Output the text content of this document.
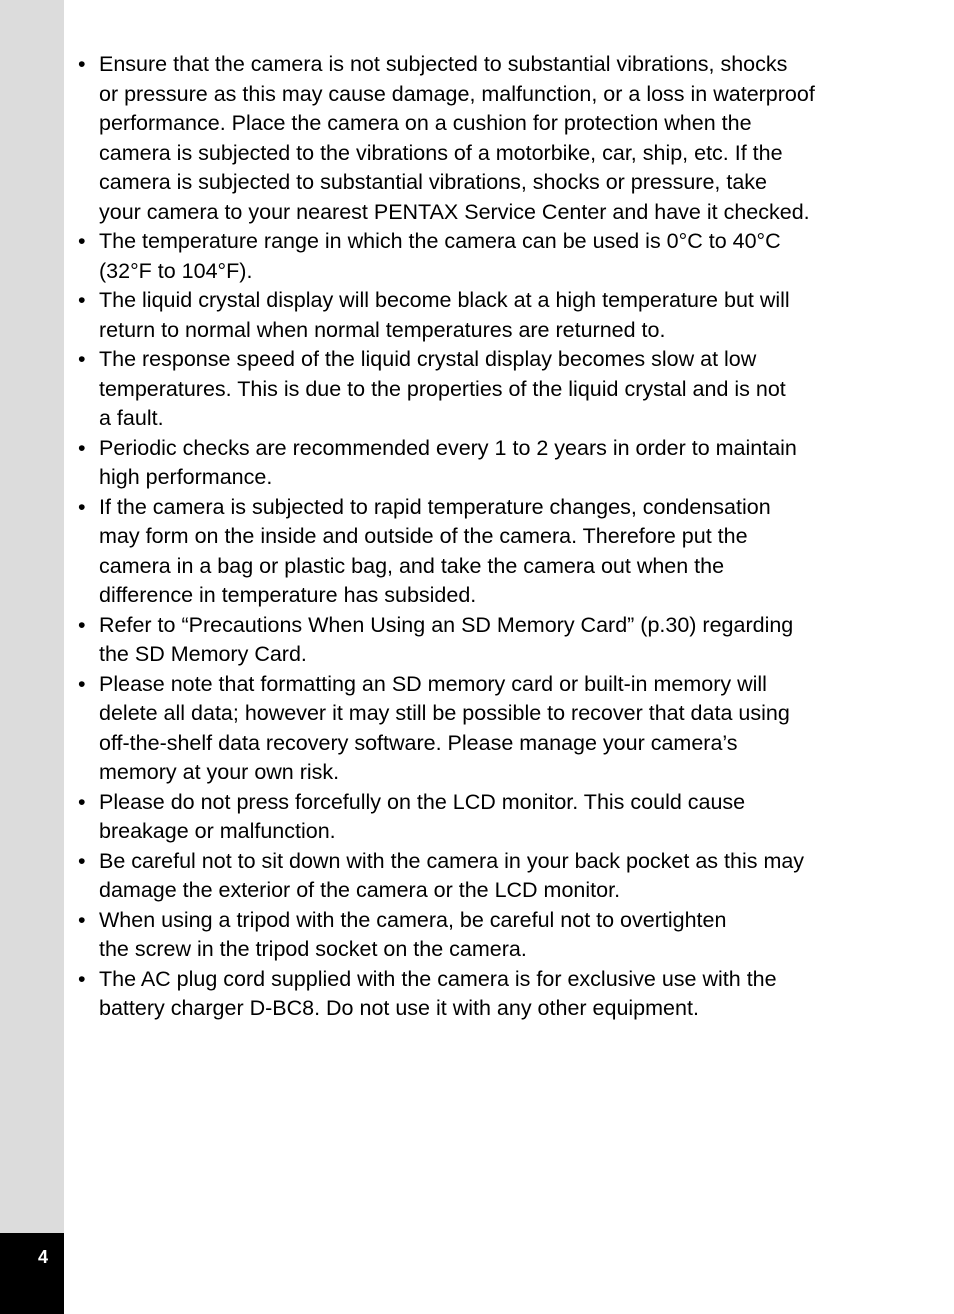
4
• Ensure that the camera is not subjected to substantial vibrations, shocks
or pressure as this may cause damage, malfunction, or a loss in waterproof
performance. Place the camera on a cushion for protection when the
camera is subjected to the vibrations of a motorbike, car, ship, etc. If the
camera is subjected to substantial vibrations, shocks or pressure, take
your camera to your nearest PENTAX Service Center and have it checked.
• The temperature range in which the camera can be used is 0°C to 40°C
(32°F to 104°F).
• The liquid crystal display will become black at a high temperature but will
return to normal when normal temperatures are returned to.
• The response speed of the liquid crystal display becomes slow at low
temperatures. This is due to the properties of the liquid crystal and is not
a fault.
• Periodic checks are recommended every 1 to 2 years in order to maintain
high performance.
• If the camera is subjected to rapid temperature changes, condensation
may form on the inside and outside of the camera. Therefore put the
camera in a bag or plastic bag, and take the camera out when the
difference in temperature has subsided.
• Refer to “Precautions When Using an SD Memory Card” (p.30) regarding
the SD Memory Card.
• Please note that formatting an SD memory card or built-in memory will
delete all data; however it may still be possible to recover that data using
off-the-shelf data recovery software. Please manage your camera’s
memory at your own risk.
• Please do not press forcefully on the LCD monitor. This could cause
breakage or malfunction.
• Be careful not to sit down with the camera in your back pocket as this may
damage the exterior of the camera or the LCD monitor.
• When using a tripod with the camera, be careful not to overtighten
the screw in the tripod socket on the camera.
• The AC plug cord supplied with the camera is for exclusive use with the
battery charger D-BC8. Do not use it with any other equipment.
